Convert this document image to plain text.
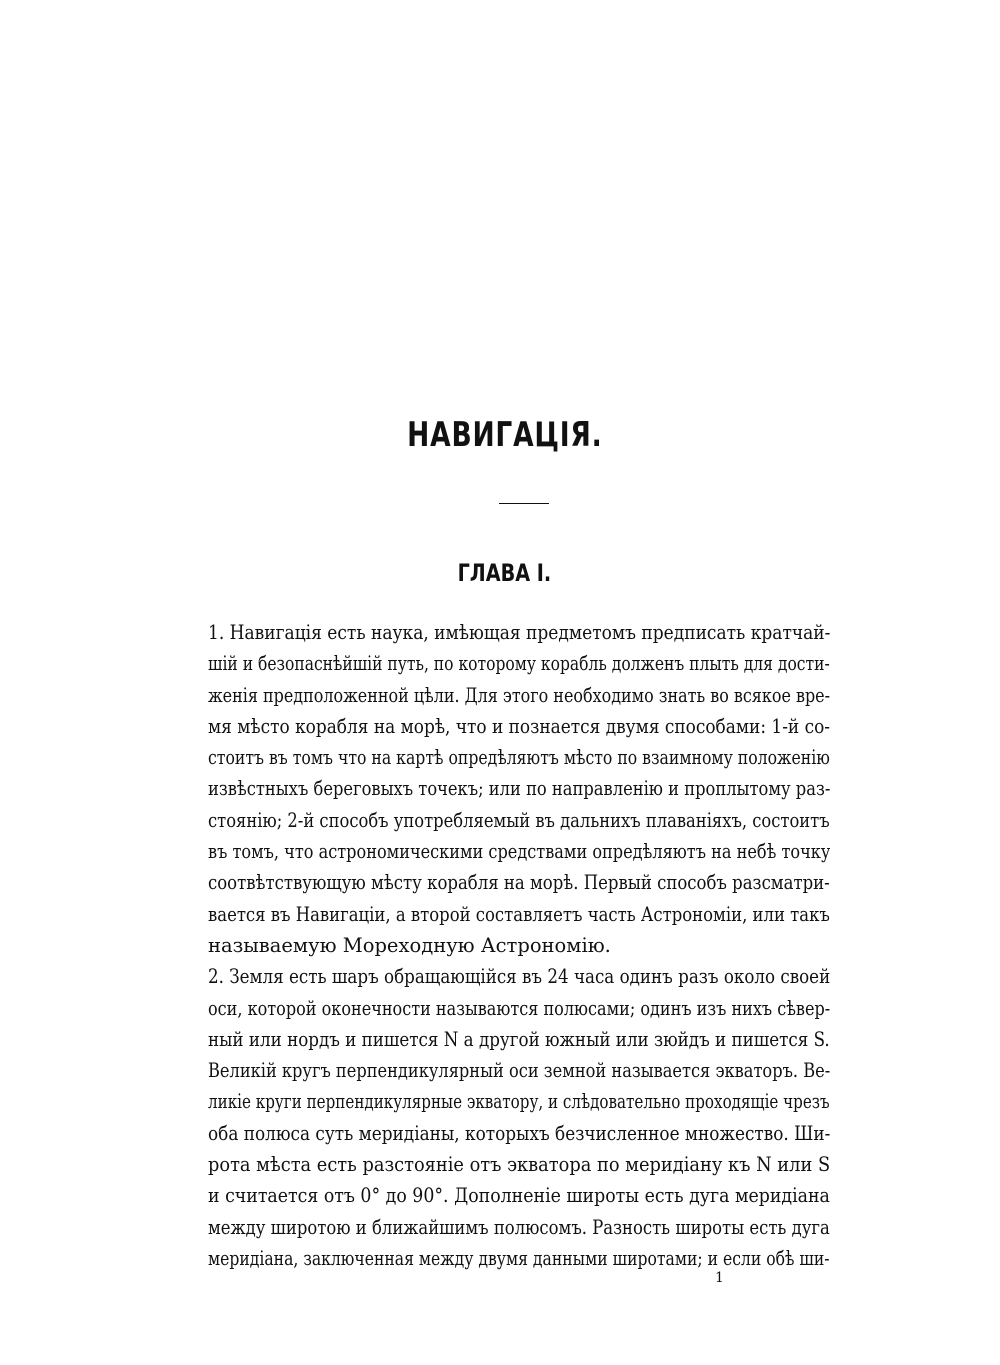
НАВИГАЦІЯ.
ГЛАВА I.
1. Навигація есть наука, имѣющая предметомъ предписать кратчай-
шій и безопаснѣйшій путь, по которому корабль долженъ плыть для дости-
женія предположенной цѣли. Для этого необходимо знать во всякое вре-
мя мѣсто корабля на морѣ, что и познается двумя способами: 1-й со-
стоитъ въ томъ что на картѣ опредѣляютъ мѣсто по взаимному положенію
извѣстныхъ береговыхъ точекъ; или по направленію и проплытому раз-
стоянію; 2-й способъ употребляемый въ дальнихъ плаваніяхъ, состоитъ
въ томъ, что астрономическими средствами опредѣляютъ на небѣ точку
соотвѣтствующую мѣсту корабля на морѣ. Первый способъ разсматри-
вается въ Навигаціи, а второй составляетъ часть Астрономіи, или такъ
называемую Мореходную Астрономію.
2. Земля есть шаръ обращающійся въ 24 часа одинъ разъ около своей
оси, которой оконечности называются полюсами; одинъ изъ нихъ сѣвер-
ный или нордъ и пишется N а другой южный или зюйдъ и пишется S.
Великій кругъ перпендикулярный оси земной называется экваторъ. Ве-
ликіе круги перпендикулярные экватору, и слѣдовательно проходящіе чрезъ
оба полюса суть меридіаны, которыхъ безчисленное множество. Ши-
рота мѣста есть разстояніе отъ экватора по меридіану къ N или S
и считается отъ 0° до 90°. Дополненіе широты есть дуга меридіана
между широтою и ближайшимъ полюсомъ. Разность широты есть дуга
меридіана, заключенная между двумя данными широтами; и если обѣ ши-
1
